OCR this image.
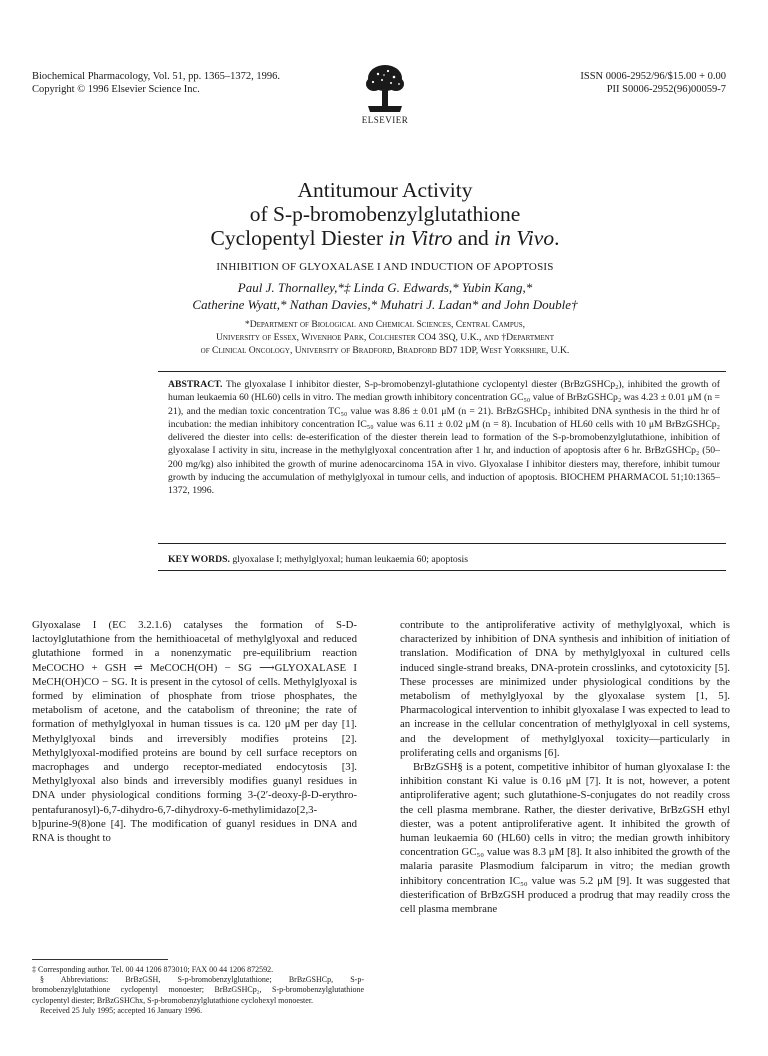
Biochemical Pharmacology, Vol. 51, pp. 1365–1372, 1996.
Copyright © 1996 Elsevier Science Inc.
ELSEVIER
ISSN 0006-2952/96/$15.00 + 0.00
PII S0006-2952(96)00059-7
Antitumour Activity
of S-p-bromobenzylglutathione
Cyclopentyl Diester in Vitro and in Vivo.
INHIBITION OF GLYOXALASE I AND INDUCTION OF APOPTOSIS
Paul J. Thornalley,*‡ Linda G. Edwards,* Yubin Kang,*
Catherine Wyatt,* Nathan Davies,* Muhatri J. Ladan* and John Double†
*Department of Biological and Chemical Sciences, Central Campus,
University of Essex, Wivenhoe Park, Colchester CO4 3SQ, U.K., and †Department
of Clinical Oncology, University of Bradford, Bradford BD7 1DP, West Yorkshire, U.K.
ABSTRACT. The glyoxalase I inhibitor diester, S-p-bromobenzyl-glutathione cyclopentyl diester (BrBzGSHCp₂), inhibited the growth of human leukaemia 60 (HL60) cells in vitro. The median growth inhibitory concentration GC₅₀ value of BrBzGSHCp₂ was 4.23 ± 0.01 μM (n = 21), and the median toxic concentration TC₅₀ value was 8.86 ± 0.01 μM (n = 21). BrBzGSHCp₂ inhibited DNA synthesis in the third hr of incubation: the median inhibitory concentration IC₅₀ value was 6.11 ± 0.02 μM (n = 8). Incubation of HL60 cells with 10 μM BrBzGSHCp₂ delivered the diester into cells: de-esterification of the diester therein lead to formation of the S-p-bromobenzylglutathione, inhibition of glyoxalase I activity in situ, increase in the methylglyoxal concentration after 1 hr, and induction of apoptosis after 6 hr. BrBzGSHCp₂ (50–200 mg/kg) also inhibited the growth of murine adenocarcinoma 15A in vivo. Glyoxalase I inhibitor diesters may, therefore, inhibit tumour growth by inducing the accumulation of methylglyoxal in tumour cells, and induction of apoptosis. BIOCHEM PHARMACOL 51;10:1365–1372, 1996.
KEY WORDS. glyoxalase I; methylglyoxal; human leukaemia 60; apoptosis

Glyoxalase I (EC 3.2.1.6) catalyses the formation of S-D-lactoylglutathione from the hemithioacetal of methylglyoxal and reduced glutathione formed in a nonenzymatic pre-equilibrium reaction MeCOCHO + GSH ⇌ MeCOCH(OH) − SG ⟶GLYOXALASE I MeCH(OH)CO − SG. It is present in the cytosol of cells. Methylglyoxal is formed by elimination of phosphate from triose phosphates, the metabolism of acetone, and the catabolism of threonine; the rate of formation of methylglyoxal in human tissues is ca. 120 μM per day [1]. Methylglyoxal binds and irreversibly modifies proteins [2]. Methylglyoxal-modified proteins are bound by cell surface receptors on macrophages and undergo receptor-mediated endocytosis [3]. Methylglyoxal also binds and irreversibly modifies guanyl residues in DNA under physiological conditions forming 3-(2′-deoxy-β-D-erythro-pentafuranosyl)-6,7-dihydro-6,7-dihydroxy-6-methylimidazo[2,3-b]purine-9(8)one [4]. The modification of guanyl residues in DNA and RNA is thought to

contribute to the antiproliferative activity of methylglyoxal, which is characterized by inhibition of DNA synthesis and inhibition of initiation of translation. Modification of DNA by methylglyoxal in cultured cells induced single-strand breaks, DNA-protein crosslinks, and cytotoxicity [5]. These processes are minimized under physiological conditions by the metabolism of methylglyoxal by the glyoxalase system [1, 5]. Pharmacological intervention to inhibit glyoxalase I was expected to lead to an increase in the cellular concentration of methylglyoxal in cell systems, and the development of methylglyoxal toxicity—particularly in proliferating cells and organisms [6].

BrBzGSH§ is a potent, competitive inhibitor of human glyoxalase I: the inhibition constant Ki value is 0.16 μM [7]. It is not, however, a potent antiproliferative agent; such glutathione-S-conjugates do not readily cross the cell plasma membrane. Rather, the diester derivative, BrBzGSH ethyl diester, was a potent antiproliferative agent. It inhibited the growth of human leukaemia 60 (HL60) cells in vitro; the median growth inhibitory concentration GC₅₀ value was 8.3 μM [8]. It also inhibited the growth of the malaria parasite Plasmodium falciparum in vitro; the median growth inhibitory concentration IC₅₀ value was 5.2 μM [9]. It was suggested that diesterification of BrBzGSH produced a prodrug that may readily cross the cell plasma membrane

‡ Corresponding author. Tel. 00 44 1206 873010; FAX 00 44 1206 872592.

§ Abbreviations: BrBzGSH, S-p-bromobenzylglutathione; BrBzGSHCp, S-p-bromobenzylglutathione cyclopentyl monoester; BrBzGSHCp₂, S-p-bromobenzylglutathione cyclopentyl diester; BrBzGSHChx, S-p-bromobenzylglutathione cyclohexyl monoester.

Received 25 July 1995; accepted 16 January 1996.
